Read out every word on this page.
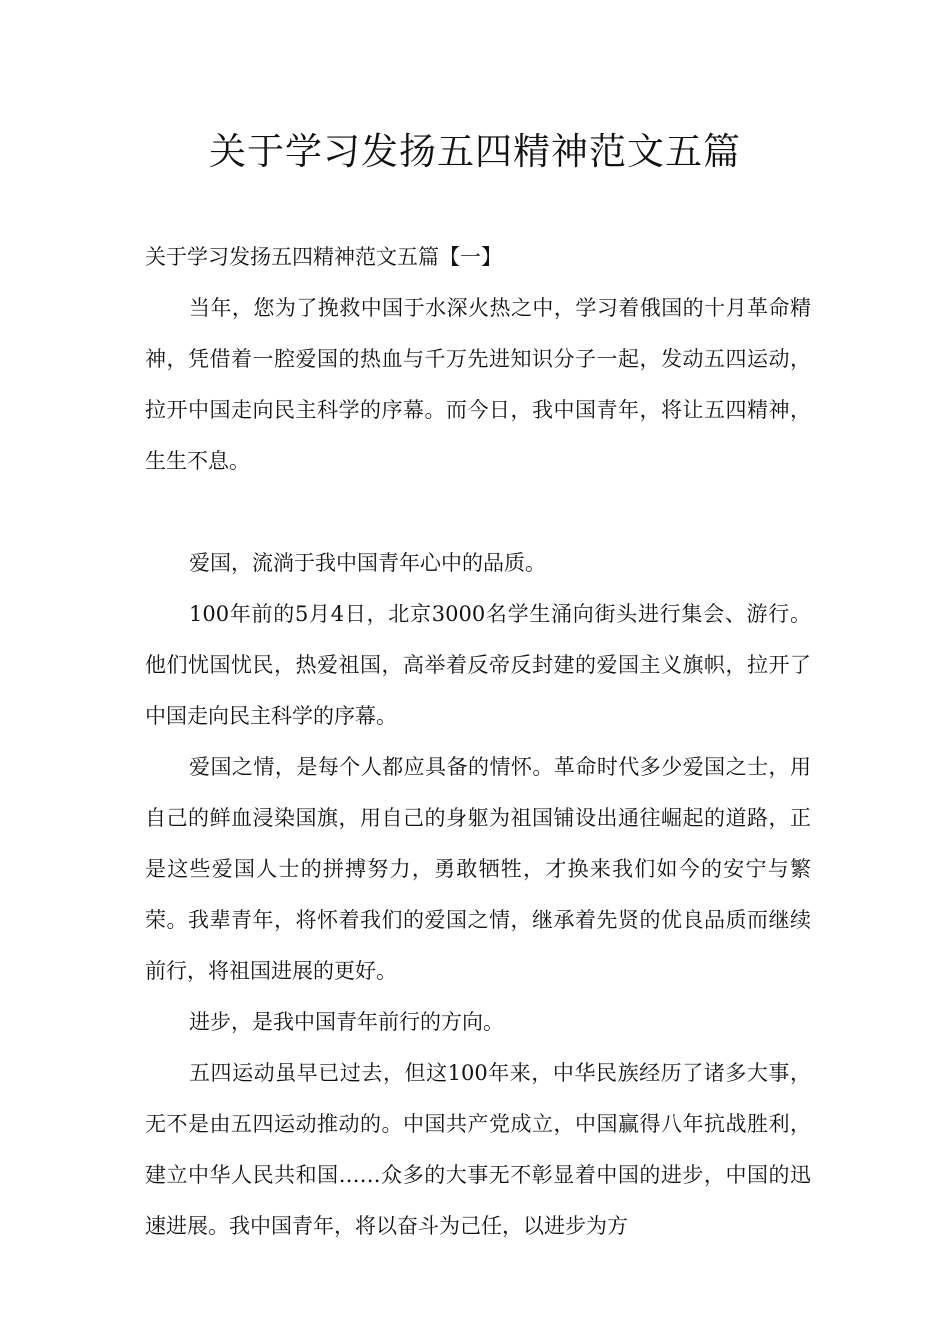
关于学习发扬五四精神范文五篇
关于学习发扬五四精神范文五篇【一】

当年，您为了挽救中国于水深火热之中，学习着俄国的十月革命精神，凭借着一腔爱国的热血与千万先进知识分子一起，发动五四运动，拉开中国走向民主科学的序幕。而今日，我中国青年，将让五四精神，生生不息。

爱国，流淌于我中国青年心中的品质。

100年前的5月4日，北京3000名学生涌向街头进行集会、游行。他们忧国忧民，热爱祖国，高举着反帝反封建的爱国主义旗帜，拉开了中国走向民主科学的序幕。

爱国之情，是每个人都应具备的情怀。革命时代多少爱国之士，用自己的鲜血浸染国旗，用自己的身躯为祖国铺设出通往崛起的道路，正是这些爱国人士的拼搏努力，勇敢牺牲，才换来我们如今的安宁与繁荣。我辈青年，将怀着我们的爱国之情，继承着先贤的优良品质而继续前行，将祖国进展的更好。

进步，是我中国青年前行的方向。

五四运动虽早已过去，但这100年来，中华民族经历了诸多大事，无不是由五四运动推动的。中国共产党成立，中国赢得八年抗战胜利，建立中华人民共和国……众多的大事无不彰显着中国的进步，中国的迅速进展。我中国青年，将以奋斗为己任，以进步为方
